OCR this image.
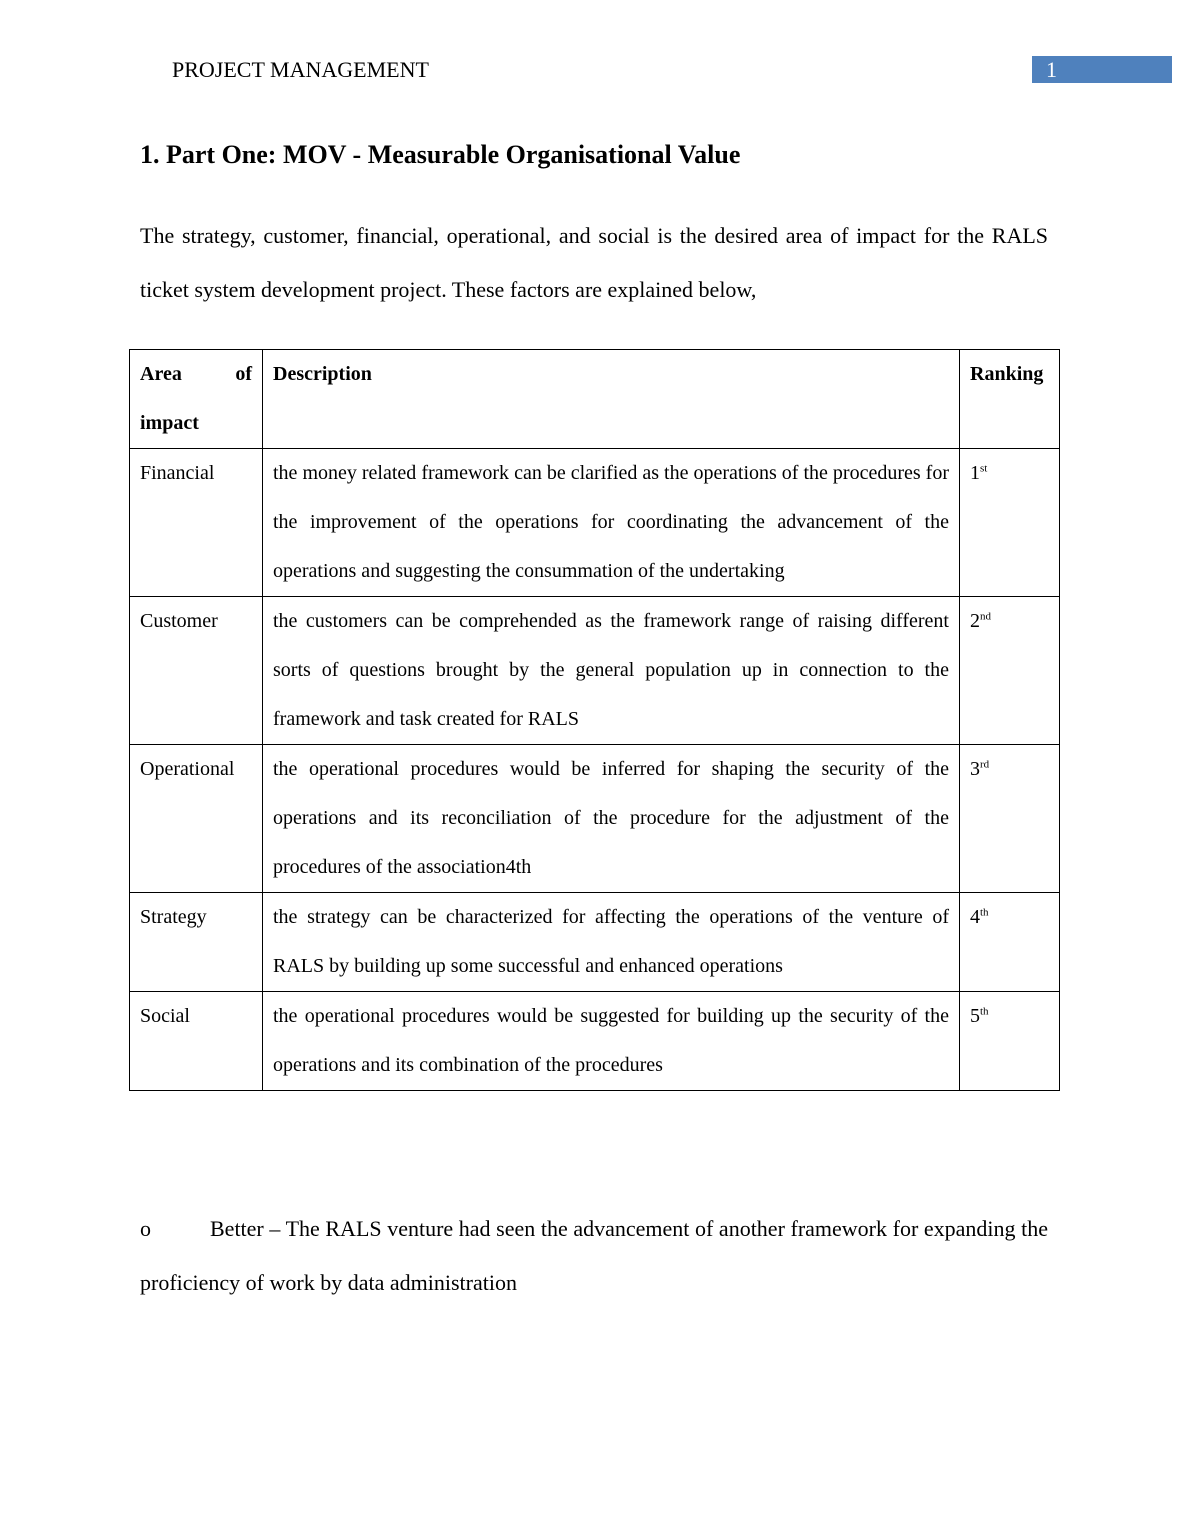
PROJECT MANAGEMENT	1
1. Part One: MOV - Measurable Organisational Value
The strategy, customer, financial, operational, and social is the desired area of impact for the RALS ticket system development project. These factors are explained below,
Area of impact	Description	Ranking
Financial	the money related framework can be clarified as the operations of the procedures for the improvement of the operations for coordinating the advancement of the operations and suggesting the consummation of the undertaking	1st
Customer	the customers can be comprehended as the framework range of raising different sorts of questions brought by the general population up in connection to the framework and task created for RALS	2nd
Operational	the operational procedures would be inferred for shaping the security of the operations and its reconciliation of the procedure for the adjustment of the procedures of the association4th	3rd
Strategy	the strategy can be characterized for affecting the operations of the venture of RALS by building up some successful and enhanced operations	4th
Social	the operational procedures would be suggested for building up the security of the operations and its combination of the procedures	5th
o	Better – The RALS venture had seen the advancement of another framework for expanding the proficiency of work by data administration
